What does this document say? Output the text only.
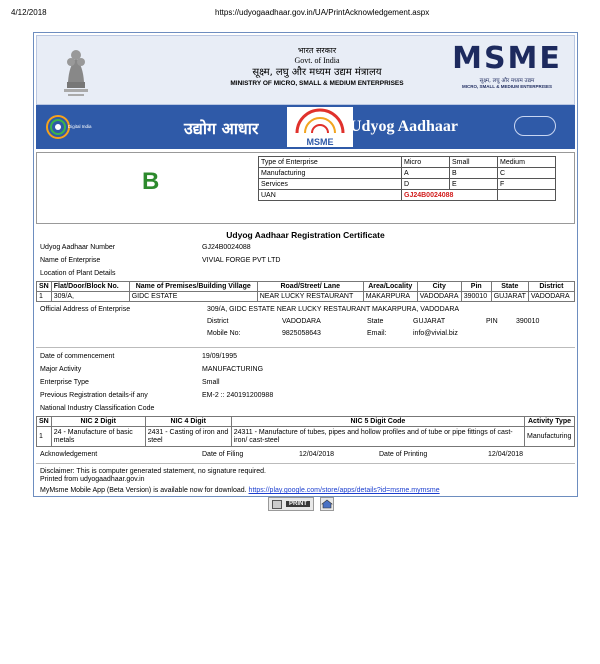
4/12/2018	https://udyogaadhaar.gov.in/UA/PrintAcknowledgement.aspx
भारत सरकार
Govt. of India
सूक्ष्म, लघु और मध्यम उद्यम मंत्रालय
MINISTRY OF MICRO, SMALL & MEDIUM ENTERPRISES
MSME
सूक्ष्म, लघु और मध्यम उद्यम
MICRO, SMALL & MEDIUM ENTERPRISES
Digital India	उद्योग आधार
MSME
Udyog Aadhaar
B
Type of Enterprise	Micro	Small	Medium
Manufacturing	A	B	C
Services	D	E	F
UAN	GJ24B0024088		
Udyog Aadhaar Registration Certificate
Udyog Aadhaar Number	GJ24B0024088
Name of Enterprise	VIVIAL FORGE PVT LTD
Location of Plant Details
SN	Flat/Door/Block No.	Name of Premises/Building Village	Road/Street/ Lane	Area/Locality	City	Pin	State	District
1	309/A,	GIDC ESTATE	NEAR LUCKY RESTAURANT	MAKARPURA	VADODARA	390010	GUJARAT	VADODARA
Official Address of Enterprise	309/A, GIDC ESTATE NEAR LUCKY RESTAURANT MAKARPURA, VADODARA
District	VADODARA	State	GUJARAT	PIN	390010
Mobile No:	9825058643	Email:	info@vivial.biz
Date of commencement	19/09/1995
Major Activity	MANUFACTURING
Enterprise Type	Small
Previous Registration details-if any	EM-2 :: 240191200988
National Industry Classification Code
SN	NIC 2 Digit	NIC 4 Digit	NIC 5 Digit Code	Activity Type
1	24 - Manufacture of basic metals	2431 - Casting of iron and steel	24311 - Manufacture of tubes, pipes and hollow profiles and of tube or pipe fittings of cast-iron/ cast-steel	Manufacturing
Acknowledgement	Date of Filing	12/04/2018	Date of Printing	12/04/2018
Disclaimer: This is computer generated statement, no signature required.
Printed from udyogaadhaar.gov.in
MyMsme Mobile App (Beta Version) is available now for download. https://play.google.com/store/apps/details?id=msme.mymsme
PRINT
